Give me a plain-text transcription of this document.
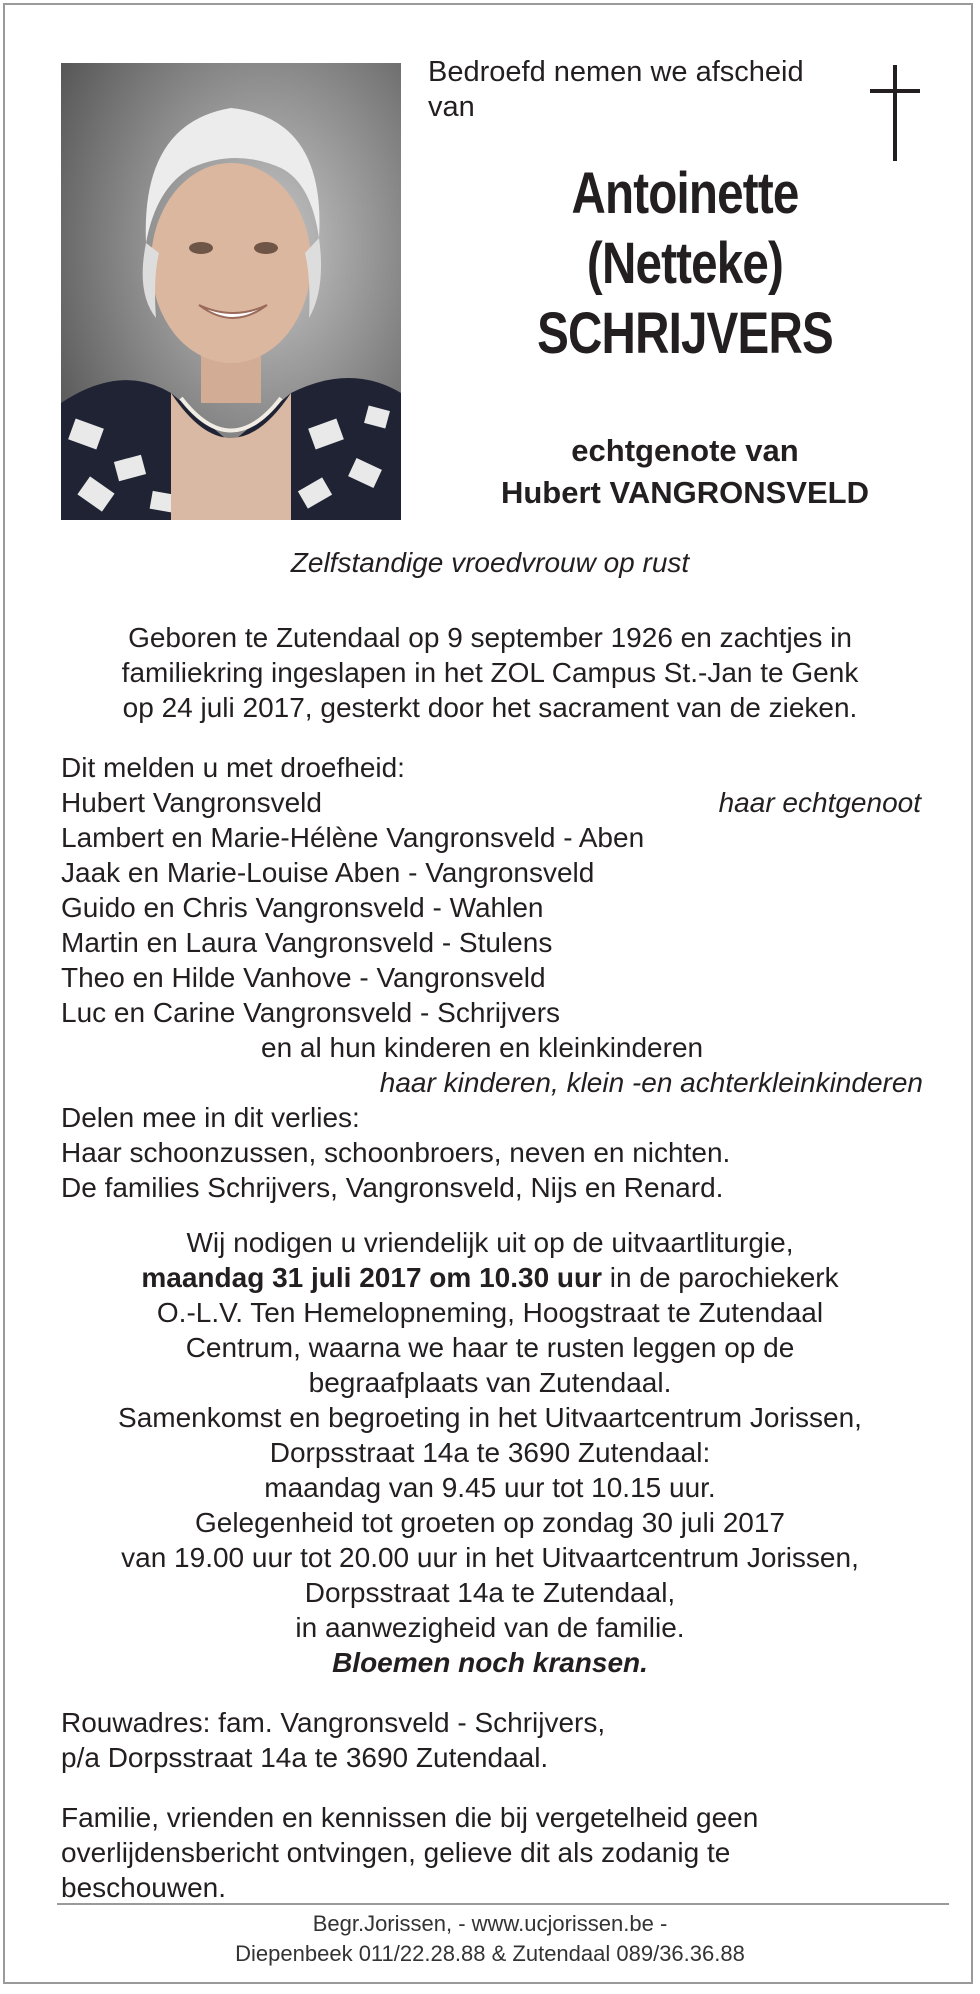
Bedroefd nemen we afscheid
van
Antoinette
(Netteke)
SCHRIJVERS
echtgenote van
Hubert VANGRONSVELD
Zelfstandige vroedvrouw op rust
Geboren te Zutendaal op 9 september 1926 en zachtjes in
familiekring ingeslapen in het ZOL Campus St.-Jan te Genk
op 24 juli 2017, gesterkt door het sacrament van de zieken.
Dit melden u met droefheid:
Hubert Vangronsveld	haar echtgenoot
Lambert en Marie-Hélène Vangronsveld - Aben
Jaak en Marie-Louise Aben - Vangronsveld
Guido en Chris Vangronsveld - Wahlen
Martin en Laura Vangronsveld - Stulens
Theo en Hilde Vanhove - Vangronsveld
Luc en Carine Vangronsveld - Schrijvers
en al hun kinderen en kleinkinderen
haar kinderen, klein -en achterkleinkinderen
Delen mee in dit verlies:
Haar schoonzussen, schoonbroers, neven en nichten.
De families Schrijvers, Vangronsveld, Nijs en Renard.
Wij nodigen u vriendelijk uit op de uitvaartliturgie,
maandag 31 juli 2017 om 10.30 uur in de parochiekerk
O.-L.V. Ten Hemelopneming, Hoogstraat te Zutendaal
Centrum, waarna we haar te rusten leggen op de
begraafplaats van Zutendaal.
Samenkomst en begroeting in het Uitvaartcentrum Jorissen,
Dorpsstraat 14a te 3690 Zutendaal:
maandag van 9.45 uur tot 10.15 uur.
Gelegenheid tot groeten op zondag 30 juli 2017
van 19.00 uur tot 20.00 uur in het Uitvaartcentrum Jorissen,
Dorpsstraat 14a te Zutendaal,
in aanwezigheid van de familie.
Bloemen noch kransen.
Rouwadres: fam. Vangronsveld - Schrijvers,
p/a Dorpsstraat 14a te 3690 Zutendaal.
Familie, vrienden en kennissen die bij vergetelheid geen
overlijdensbericht ontvingen, gelieve dit als zodanig te
beschouwen.
Begr.Jorissen, - www.ucjorissen.be -
Diepenbeek 011/22.28.88 & Zutendaal 089/36.36.88
